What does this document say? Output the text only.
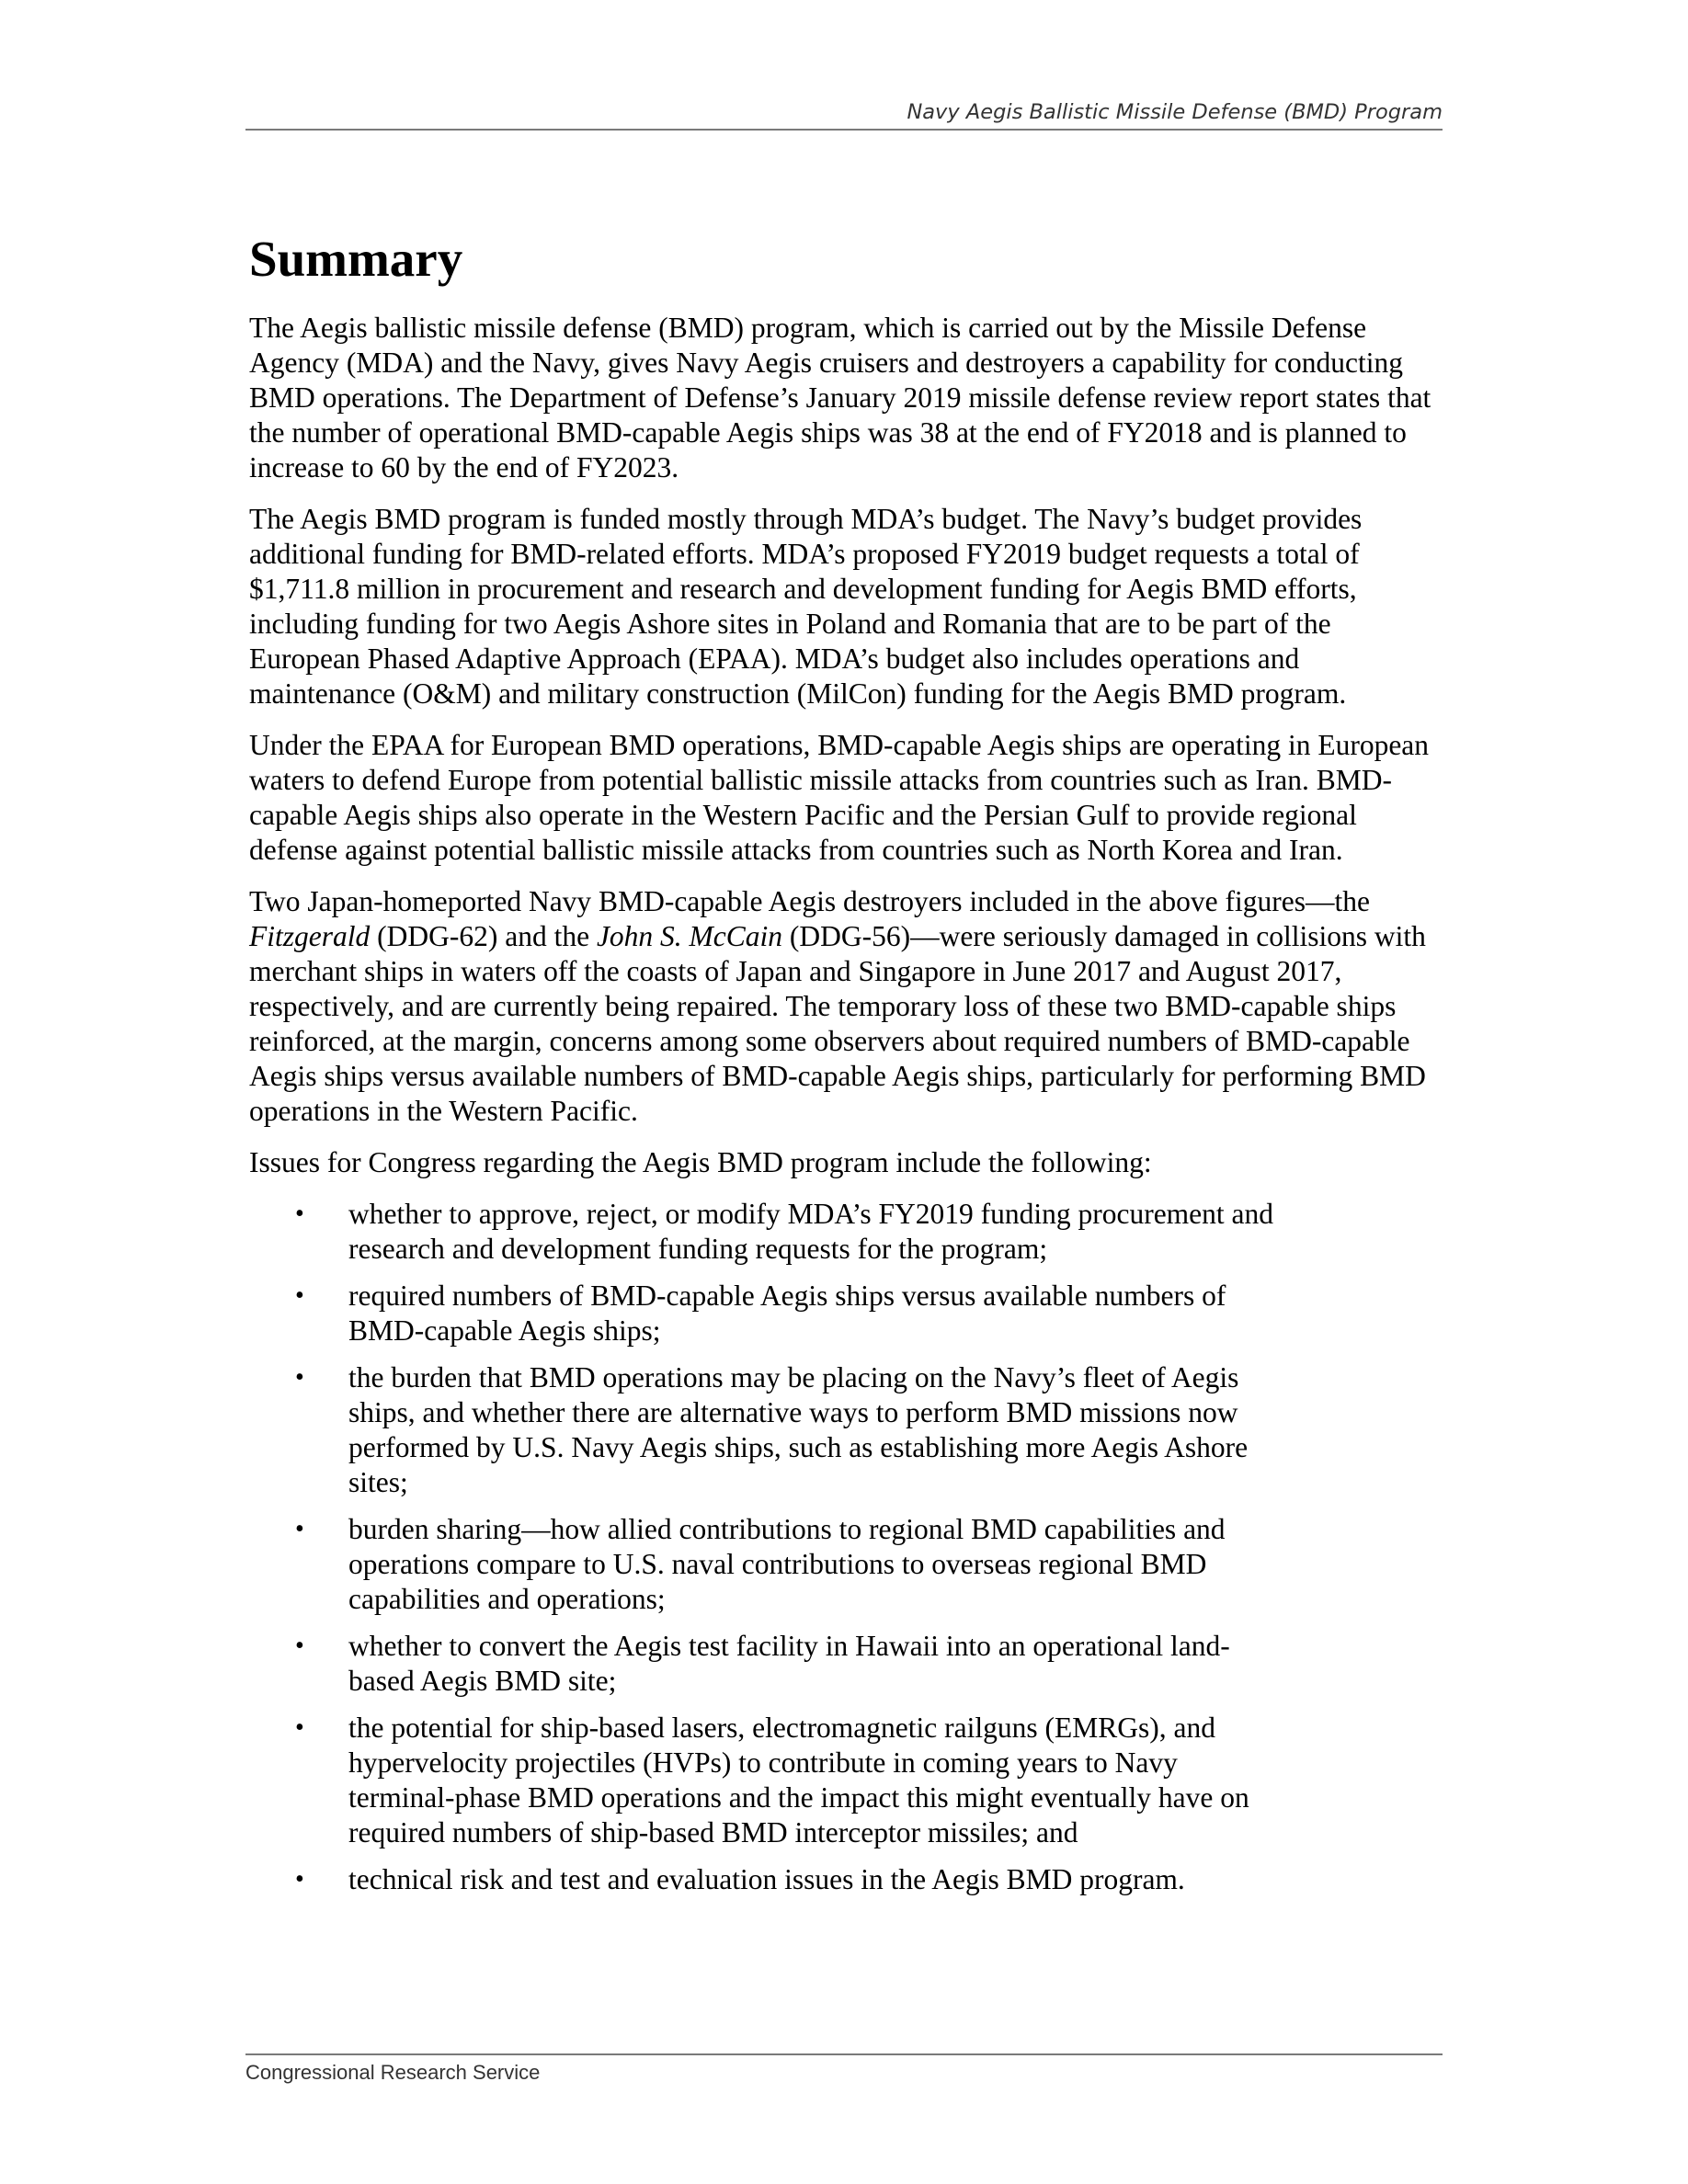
Navy Aegis Ballistic Missile Defense (BMD) Program
Summary

The Aegis ballistic missile defense (BMD) program, which is carried out by the Missile Defense Agency (MDA) and the Navy, gives Navy Aegis cruisers and destroyers a capability for conducting BMD operations. The Department of Defense’s January 2019 missile defense review report states that the number of operational BMD-capable Aegis ships was 38 at the end of FY2018 and is planned to increase to 60 by the end of FY2023.

The Aegis BMD program is funded mostly through MDA’s budget. The Navy’s budget provides additional funding for BMD-related efforts. MDA’s proposed FY2019 budget requests a total of $1,711.8 million in procurement and research and development funding for Aegis BMD efforts, including funding for two Aegis Ashore sites in Poland and Romania that are to be part of the European Phased Adaptive Approach (EPAA). MDA’s budget also includes operations and maintenance (O&M) and military construction (MilCon) funding for the Aegis BMD program.

Under the EPAA for European BMD operations, BMD-capable Aegis ships are operating in European waters to defend Europe from potential ballistic missile attacks from countries such as Iran. BMD-capable Aegis ships also operate in the Western Pacific and the Persian Gulf to provide regional defense against potential ballistic missile attacks from countries such as North Korea and Iran.

Two Japan-homeported Navy BMD-capable Aegis destroyers included in the above figures—the Fitzgerald (DDG-62) and the John S. McCain (DDG-56)—were seriously damaged in collisions with merchant ships in waters off the coasts of Japan and Singapore in June 2017 and August 2017, respectively, and are currently being repaired. The temporary loss of these two BMD-capable ships reinforced, at the margin, concerns among some observers about required numbers of BMD-capable Aegis ships versus available numbers of BMD-capable Aegis ships, particularly for performing BMD operations in the Western Pacific.

Issues for Congress regarding the Aegis BMD program include the following:

• whether to approve, reject, or modify MDA’s FY2019 funding procurement and research and development funding requests for the program;
• required numbers of BMD-capable Aegis ships versus available numbers of BMD-capable Aegis ships;
• the burden that BMD operations may be placing on the Navy’s fleet of Aegis ships, and whether there are alternative ways to perform BMD missions now performed by U.S. Navy Aegis ships, such as establishing more Aegis Ashore sites;
• burden sharing—how allied contributions to regional BMD capabilities and operations compare to U.S. naval contributions to overseas regional BMD capabilities and operations;
• whether to convert the Aegis test facility in Hawaii into an operational land-based Aegis BMD site;
• the potential for ship-based lasers, electromagnetic railguns (EMRGs), and hypervelocity projectiles (HVPs) to contribute in coming years to Navy terminal-phase BMD operations and the impact this might eventually have on required numbers of ship-based BMD interceptor missiles; and
• technical risk and test and evaluation issues in the Aegis BMD program.
Congressional Research Service
